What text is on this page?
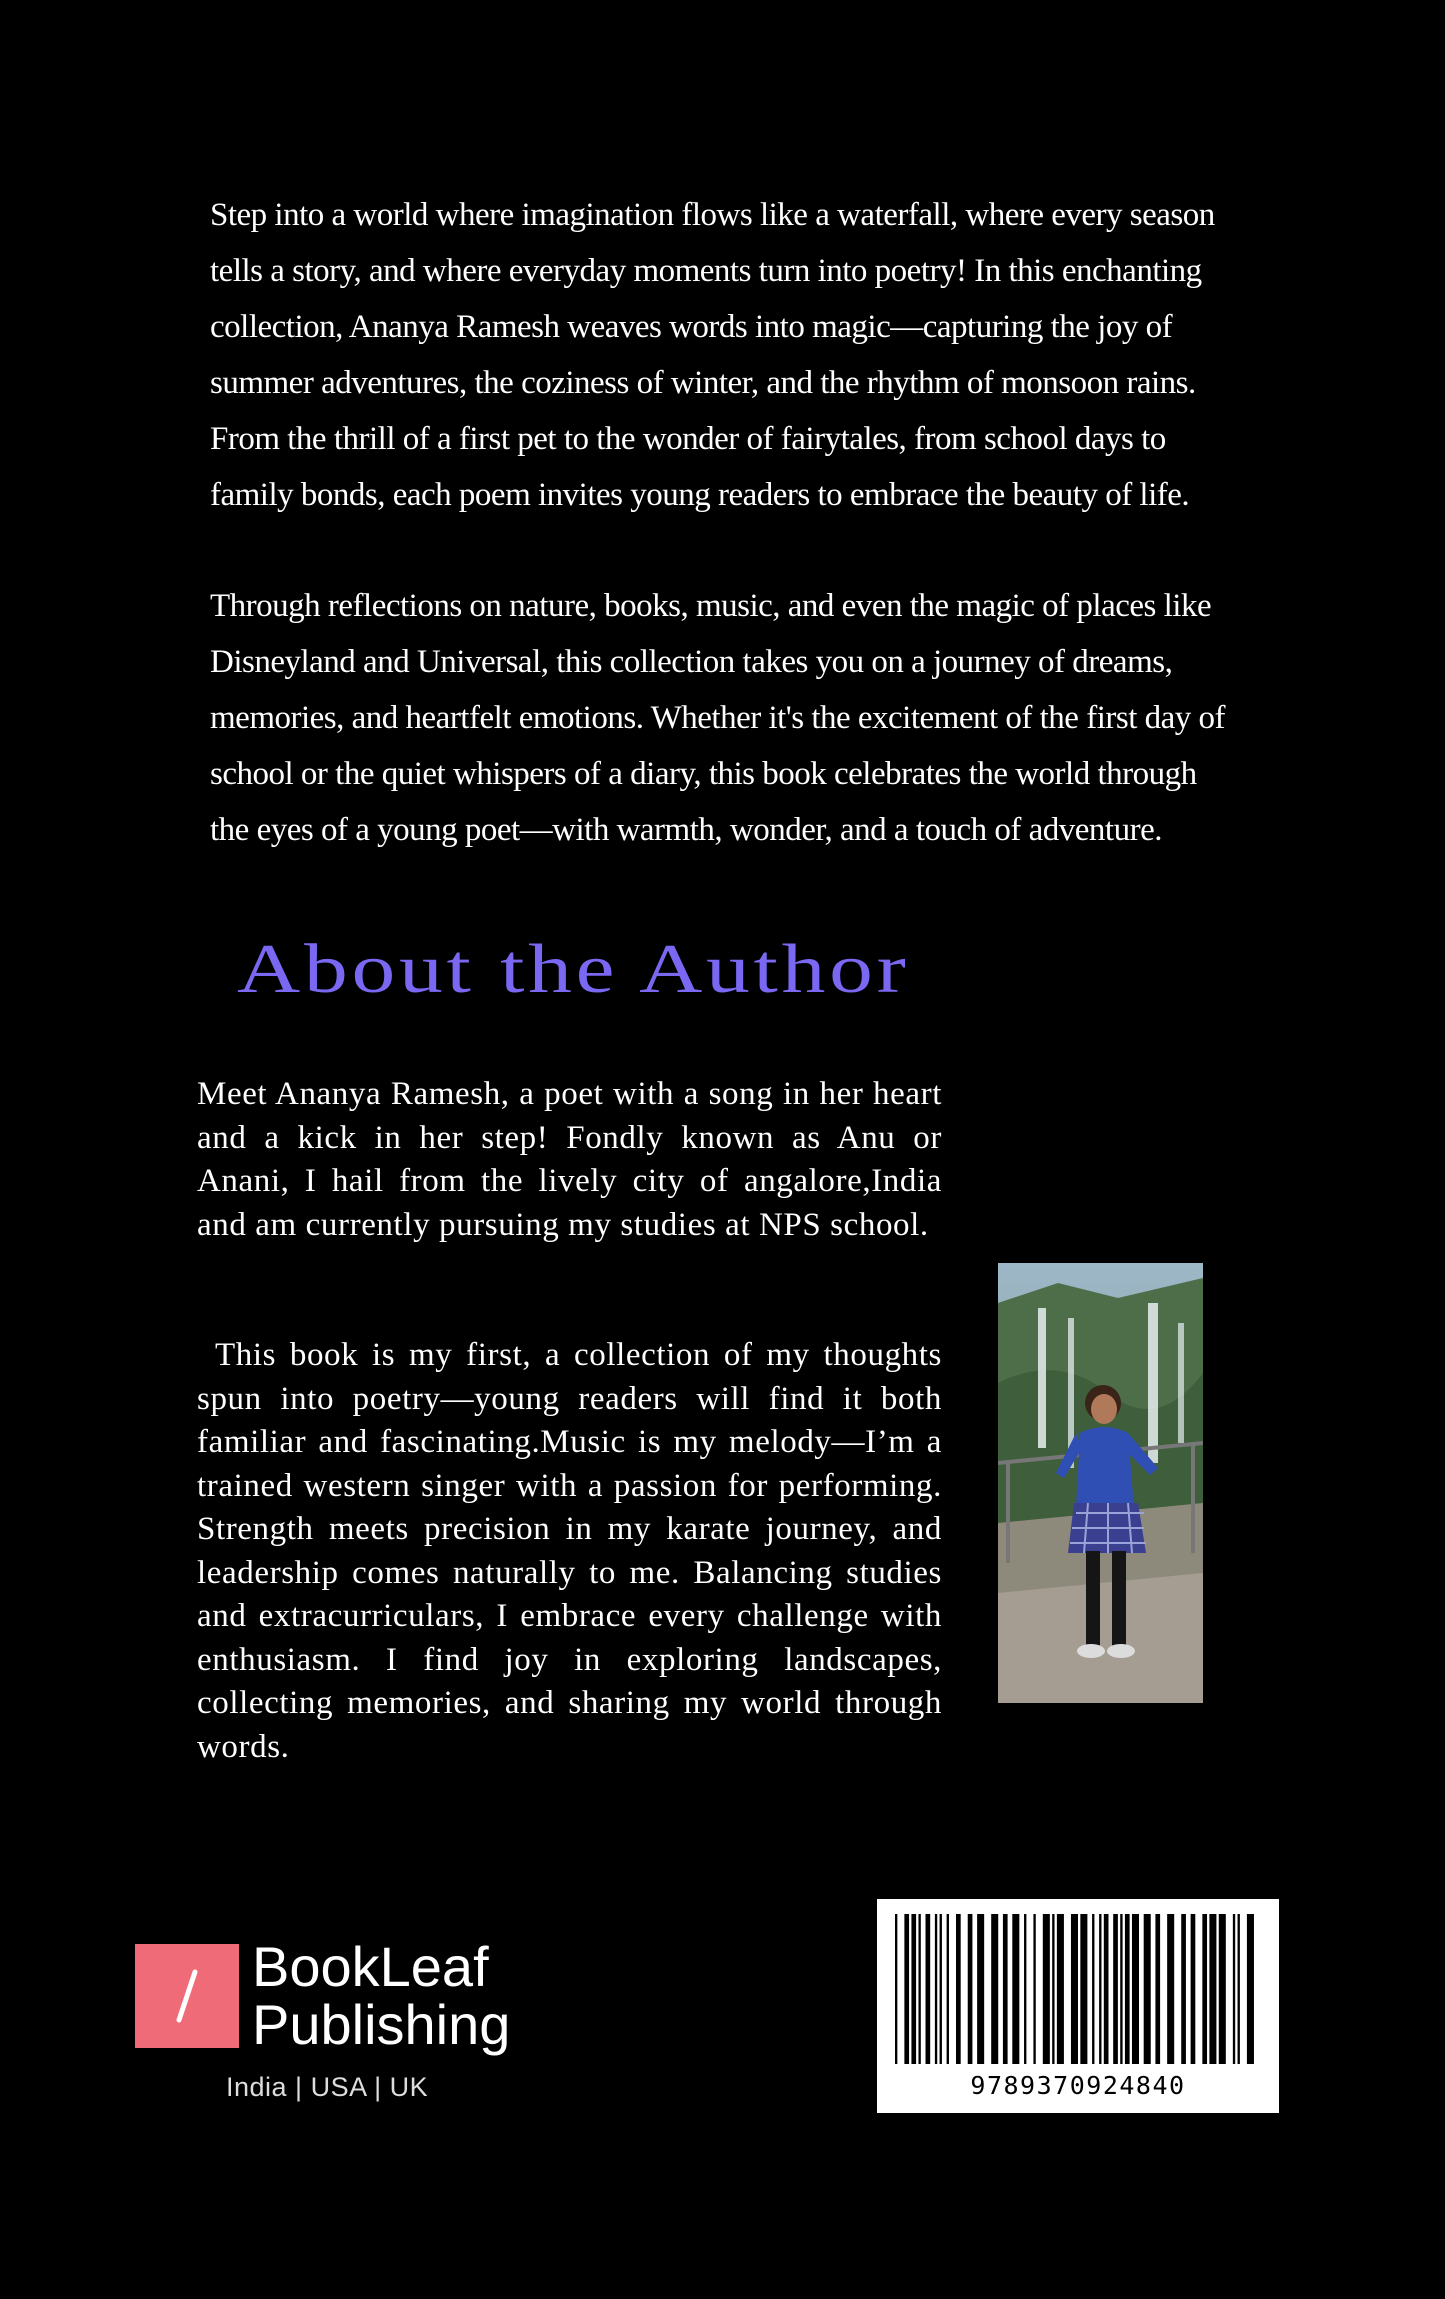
Step into a world where imagination flows like a waterfall, where every season tells a story, and where everyday moments turn into poetry! In this enchanting collection, Ananya Ramesh weaves words into magic—capturing the joy of summer adventures, the coziness of winter, and the rhythm of monsoon rains. From the thrill of a first pet to the wonder of fairytales, from school days to family bonds, each poem invites young readers to embrace the beauty of life.

Through reflections on nature, books, music, and even the magic of places like Disneyland and Universal, this collection takes you on a journey of dreams, memories, and heartfelt emotions. Whether it's the excitement of the first day of school or the quiet whispers of a diary, this book celebrates the world through the eyes of a young poet—with warmth, wonder, and a touch of adventure.

About the Author

Meet Ananya Ramesh, a poet with a song in her heart and a kick in her step! Fondly known as Anu or Anani, I hail from the lively city of angalore,India and am currently pursuing my studies at NPS school.

This book is my first, a collection of my thoughts spun into poetry—young readers will find it both familiar and fascinating.Music is my melody—I’m a trained western singer with a passion for performing. Strength meets precision in my karate journey, and leadership comes naturally to me. Balancing studies and extracurriculars, I embrace every challenge with enthusiasm. I find joy in exploring landscapes, collecting memories, and sharing my world through words.

BookLeaf
Publishing
India | USA | UK	9789370924840
